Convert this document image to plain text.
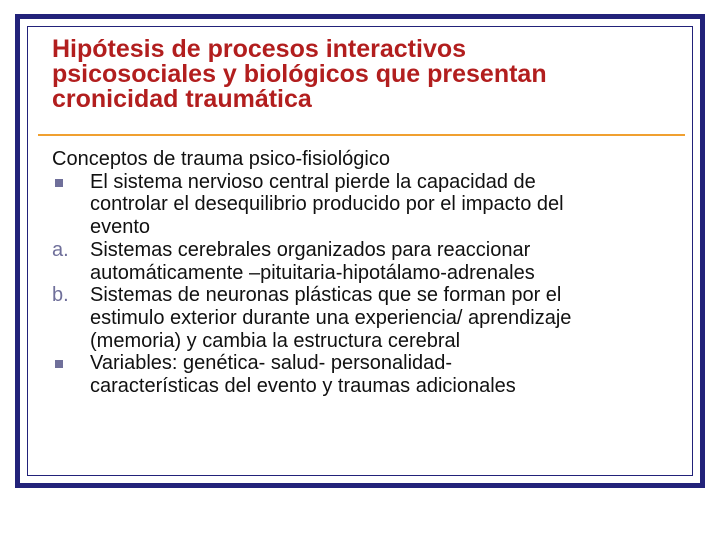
Hipótesis de procesos interactivos
psicosociales y biológicos que presentan
cronicidad traumática

Conceptos de trauma psico-fisiológico

El sistema nervioso central pierde la capacidad de
controlar el desequilibrio producido por el impacto del
evento
a.	Sistemas cerebrales organizados para reaccionar
automáticamente –pituitaria-hipotálamo-adrenales
b.	Sistemas de neuronas plásticas que se forman por el
estimulo exterior durante una experiencia/ aprendizaje
(memoria) y cambia la estructura cerebral
Variables: genética- salud- personalidad-
características del evento y traumas adicionales
